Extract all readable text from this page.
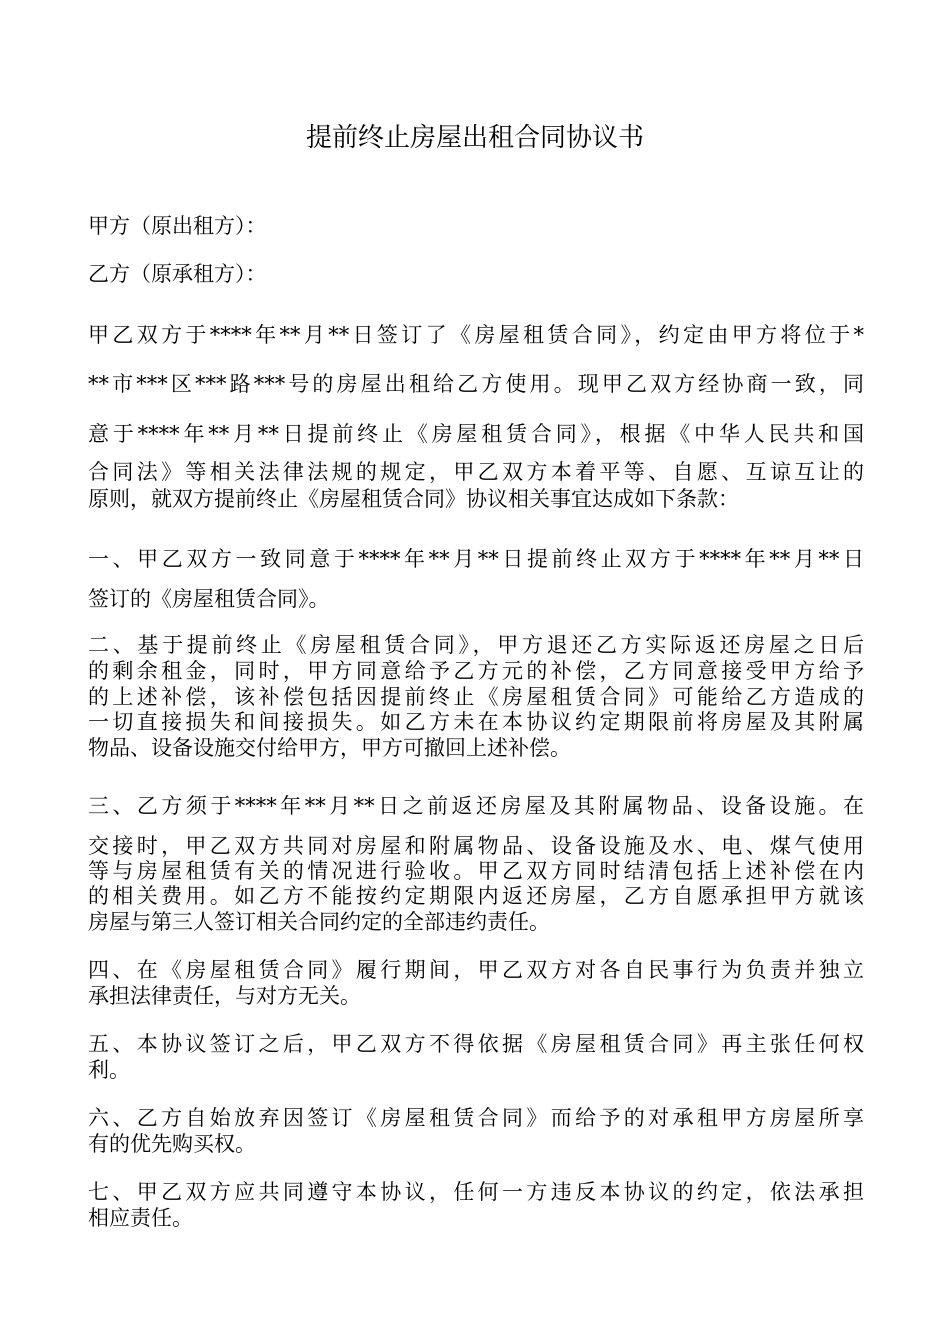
提前终止房屋出租合同协议书
甲方（原出租方）：
乙方（原承租方）：
甲乙双方于****年**月**日签订了《房屋租赁合同》，约定由甲方将位于*
**市***区***路***号的房屋出租给乙方使用。现甲乙双方经协商一致，同
意于****年**月**日提前终止《房屋租赁合同》，根据《中华人民共和国
合同法》等相关法律法规的规定，甲乙双方本着平等、自愿、互谅互让的
原则，就双方提前终止《房屋租赁合同》协议相关事宜达成如下条款：
一、甲乙双方一致同意于****年**月**日提前终止双方于****年**月**日
签订的《房屋租赁合同》。
二、基于提前终止《房屋租赁合同》，甲方退还乙方实际返还房屋之日后
的剩余租金，同时，甲方同意给予乙方元的补偿，乙方同意接受甲方给予
的上述补偿，该补偿包括因提前终止《房屋租赁合同》可能给乙方造成的
一切直接损失和间接损失。如乙方未在本协议约定期限前将房屋及其附属
物品、设备设施交付给甲方，甲方可撤回上述补偿。
三、乙方须于****年**月**日之前返还房屋及其附属物品、设备设施。在
交接时，甲乙双方共同对房屋和附属物品、设备设施及水、电、煤气使用
等与房屋租赁有关的情况进行验收。甲乙双方同时结清包括上述补偿在内
的相关费用。如乙方不能按约定期限内返还房屋，乙方自愿承担甲方就该
房屋与第三人签订相关合同约定的全部违约责任。
四、在《房屋租赁合同》履行期间，甲乙双方对各自民事行为负责并独立
承担法律责任，与对方无关。
五、本协议签订之后，甲乙双方不得依据《房屋租赁合同》再主张任何权
利。
六、乙方自始放弃因签订《房屋租赁合同》而给予的对承租甲方房屋所享
有的优先购买权。
七、甲乙双方应共同遵守本协议，任何一方违反本协议的约定，依法承担
相应责任。
